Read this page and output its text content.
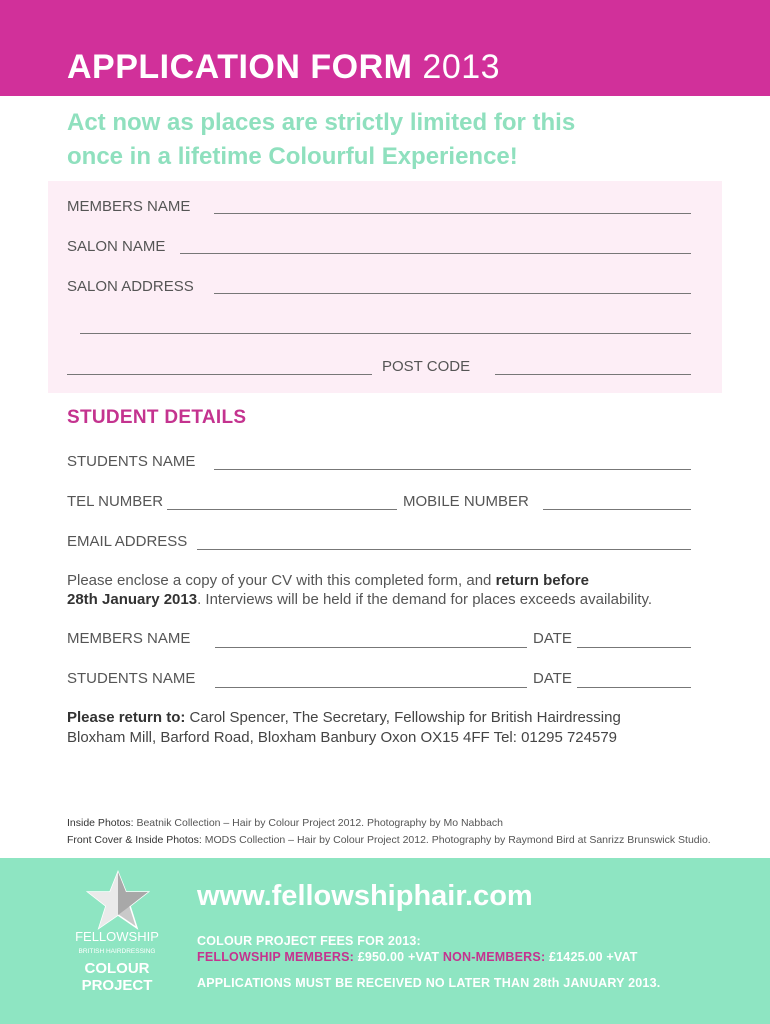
APPLICATION FORM 2013
Act now as places are strictly limited for this
once in a lifetime Colourful Experience!
MEMBERS NAME
SALON NAME
SALON ADDRESS
POST CODE
STUDENT DETAILS
STUDENTS NAME
TEL NUMBER	MOBILE NUMBER
EMAIL ADDRESS
Please enclose a copy of your CV with this completed form, and return before
28th January 2013. Interviews will be held if the demand for places exceeds availability.
MEMBERS NAME	DATE
STUDENTS NAME	DATE
Please return to: Carol Spencer, The Secretary, Fellowship for British Hairdressing
Bloxham Mill, Barford Road, Bloxham Banbury Oxon OX15 4FF Tel: 01295 724579
Inside Photos: Beatnik Collection – Hair by Colour Project 2012. Photography by Mo Nabbach
Front Cover & Inside Photos: MODS Collection – Hair by Colour Project 2012. Photography by Raymond Bird at Sanrizz Brunswick Studio.
FELLOWSHIP
BRITISH HAIRDRESSING
COLOUR
PROJECT
www.fellowshiphair.com
COLOUR PROJECT FEES FOR 2013:
FELLOWSHIP MEMBERS: £950.00 +VAT NON-MEMBERS: £1425.00 +VAT
APPLICATIONS MUST BE RECEIVED NO LATER THAN 28th JANUARY 2013.
